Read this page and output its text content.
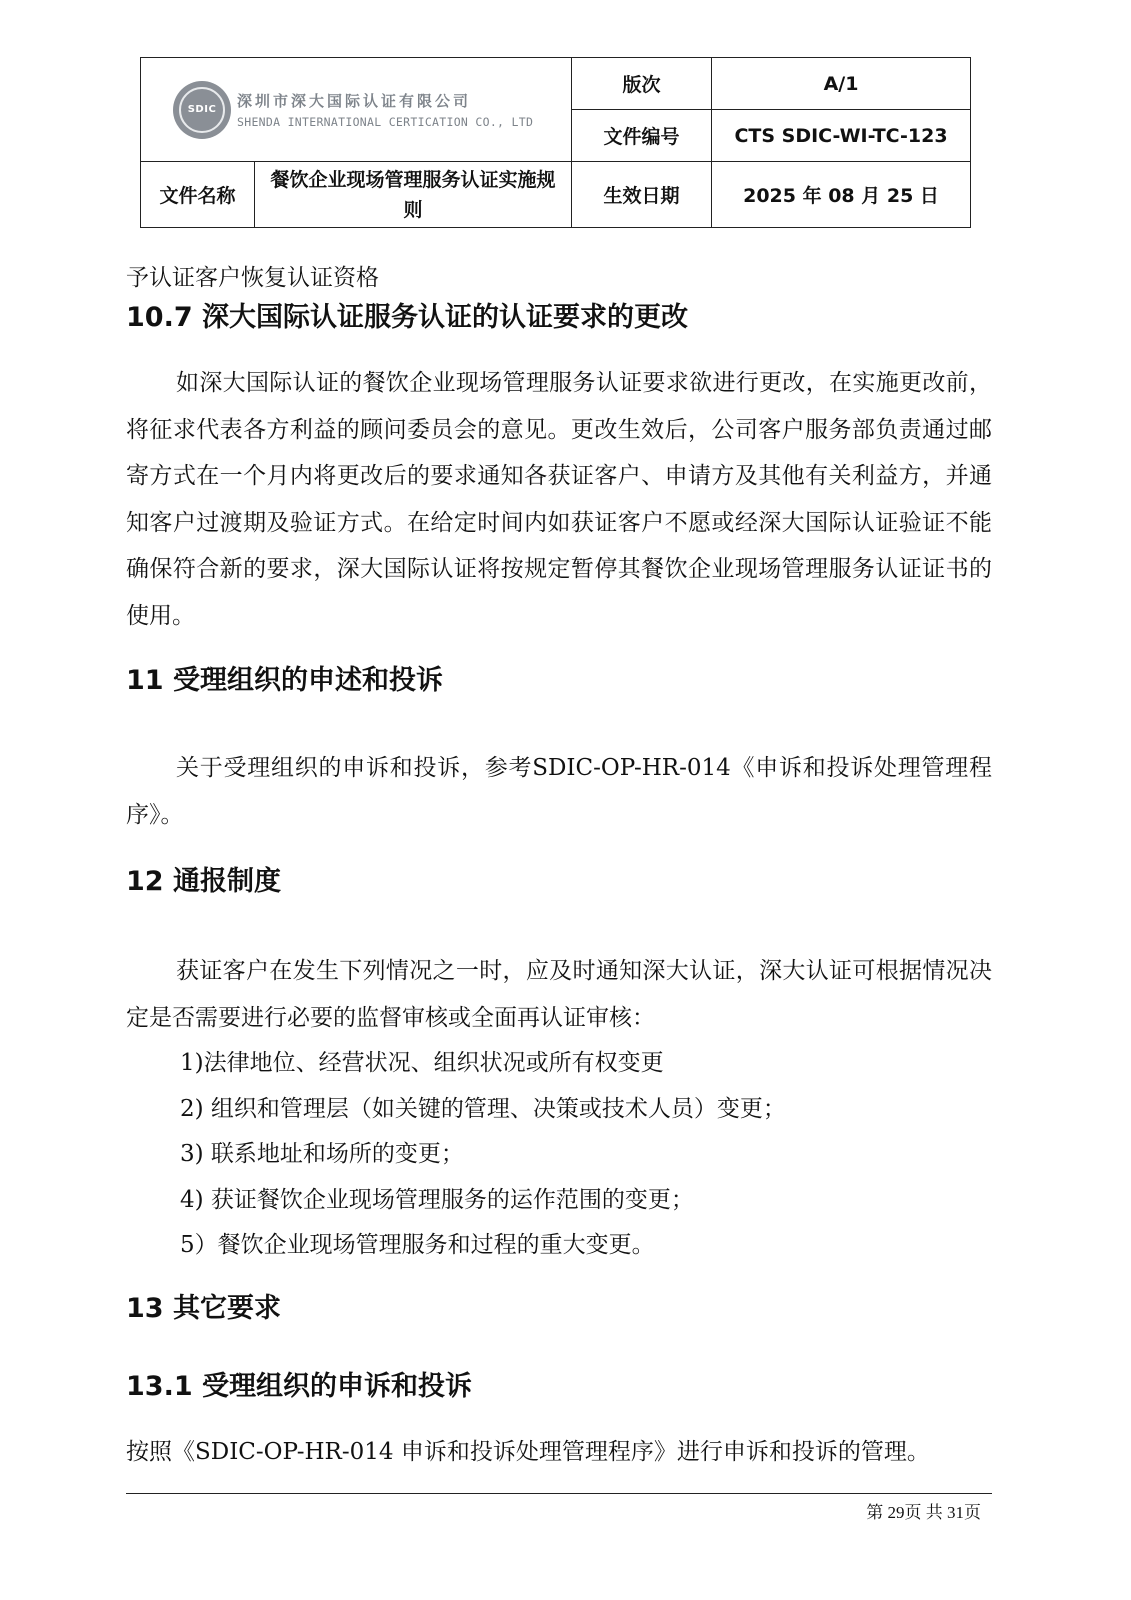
SDIC 深圳市深大国际认证有限公司
SHENDA INTERNATIONAL CERTICATION CO., LTD		版次	A/1
		文件编号	CTS SDIC-WI-TC-123
文件名称	餐饮企业现场管理服务认证实施规则	生效日期	2025 年 08 月 25 日

予认证客户恢复认证资格

10.7 深大国际认证服务认证的认证要求的更改

如深大国际认证的餐饮企业现场管理服务认证要求欲进行更改，在实施更改前，将征求代表各方利益的顾问委员会的意见。更改生效后，公司客户服务部负责通过邮寄方式在一个月内将更改后的要求通知各获证客户、申请方及其他有关利益方，并通知客户过渡期及验证方式。在给定时间内如获证客户不愿或经深大国际认证验证不能确保符合新的要求，深大国际认证将按规定暂停其餐饮企业现场管理服务认证证书的使用。

11 受理组织的申述和投诉

关于受理组织的申诉和投诉，参考SDIC-OP-HR-014《申诉和投诉处理管理程序》。

12 通报制度

获证客户在发生下列情况之一时，应及时通知深大认证，深大认证可根据情况决定是否需要进行必要的监督审核或全面再认证审核：

1)法律地位、经营状况、组织状况或所有权变更

2) 组织和管理层（如关键的管理、决策或技术人员）变更；

3) 联系地址和场所的变更；

4) 获证餐饮企业现场管理服务的运作范围的变更；

5）餐饮企业现场管理服务和过程的重大变更。

13 其它要求
13.1 受理组织的申诉和投诉

按照《SDIC-OP-HR-014 申诉和投诉处理管理程序》进行申诉和投诉的管理。

第 29页 共 31页
